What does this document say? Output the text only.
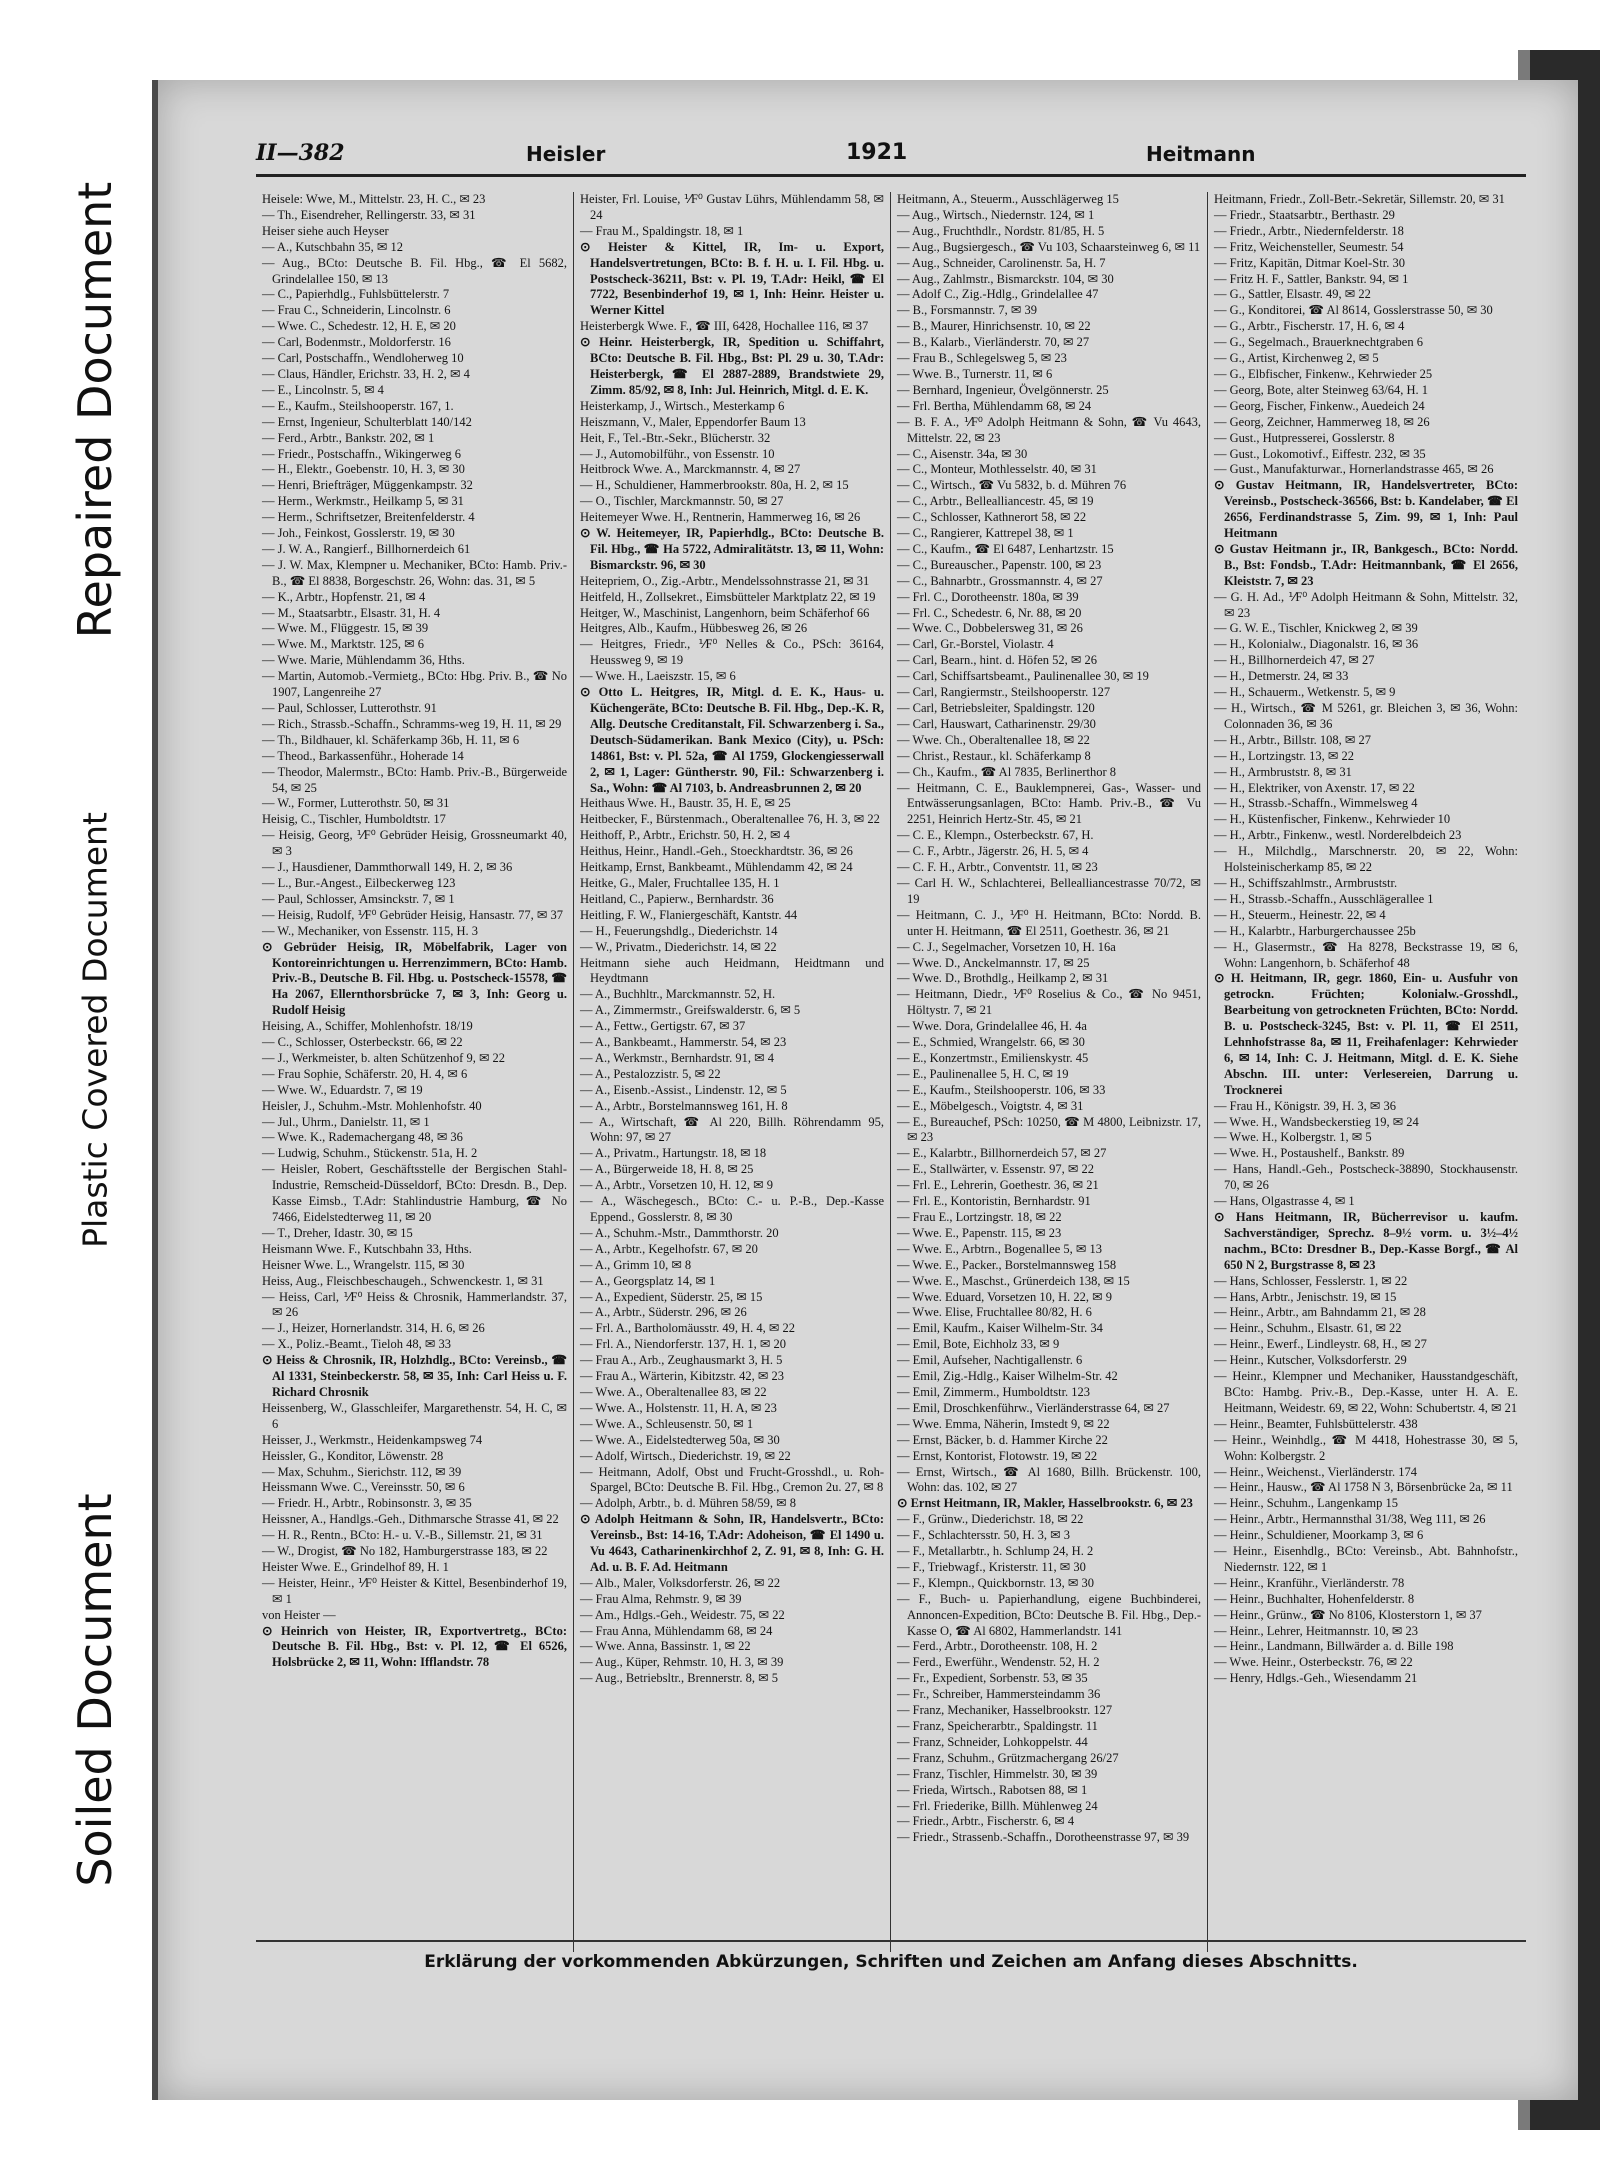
Repaired Document
Plastic Covered Document
Soiled Document
II—382	Heisler	1921	Heitmann
Heisele: Wwe, M., Mittelstr. 23, H. C., ✉ 23
— Th., Eisendreher, Rellingerstr. 33, ✉ 31
Heiser siehe auch Heyser
— A., Kutschbahn 35, ✉ 12
— Aug., BCto: Deutsche B. Fil. Hbg., ☎ El 5682, Grindelallee 150, ✉ 13
— C., Papierhdlg., Fuhlsbüttelerstr. 7
— Frau C., Schneiderin, Lincolnstr. 6
— Wwe. C., Schedestr. 12, H. E, ✉ 20
— Carl, Bodenmstr., Moldorferstr. 16
— Carl, Postschaffn., Wendloherweg 10
— Claus, Händler, Erichstr. 33, H. 2, ✉ 4
— E., Lincolnstr. 5, ✉ 4
— E., Kaufm., Steilshooperstr. 167, 1.
— Ernst, Ingenieur, Schulterblatt 140/142
— Ferd., Arbtr., Bankstr. 202, ✉ 1
— Friedr., Postschaffn., Wikingerweg 6
— H., Elektr., Goebenstr. 10, H. 3, ✉ 30
— Henri, Briefträger, Müggenkampstr. 32
— Herm., Werkmstr., Heilkamp 5, ✉ 31
— Herm., Schriftsetzer, Breitenfelderstr. 4
— Joh., Feinkost, Gosslerstr. 19, ✉ 30
— J. W. A., Rangierf., Billhornerdeich 61
— J. W. Max, Klempner u. Mechaniker, BCto: Hamb. Priv.-B., ☎ El 8838, Borgeschstr. 26, Wohn: das. 31, ✉ 5
— K., Arbtr., Hopfenstr. 21, ✉ 4
— M., Staatsarbtr., Elsastr. 31, H. 4
— Wwe. M., Flüggestr. 15, ✉ 39
— Wwe. M., Marktstr. 125, ✉ 6
— Wwe. Marie, Mühlendamm 36, Hths.
— Martin, Automob.-Vermietg., BCto: Hbg. Priv. B., ☎ No 1907, Langenreihe 27
— Paul, Schlosser, Lutterothstr. 91
— Rich., Strassb.-Schaffn., Schramms-weg 19, H. 11, ✉ 29
— Th., Bildhauer, kl. Schäferkamp 36b, H. 11, ✉ 6
— Theod., Barkassenführ., Hoherade 14
— Theodor, Malermstr., BCto: Hamb. Priv.-B., Bürgerweide 54, ✉ 25
— W., Former, Lutterothstr. 50, ✉ 31
Heisig, C., Tischler, Humboldtstr. 17
— Heisig, Georg, ⅟F⁰ Gebrüder Heisig, Grossneumarkt 40, ✉ 3
— J., Hausdiener, Dammthorwall 149, H. 2, ✉ 36
— L., Bur.-Angest., Eilbeckerweg 123
— Paul, Schlosser, Amsinckstr. 7, ✉ 1
— Heisig, Rudolf, ⅟F⁰ Gebrüder Heisig, Hansastr. 77, ✉ 37
— W., Mechaniker, von Essenstr. 115, H. 3
⊙ Gebrüder Heisig, IR, Möbelfabrik, Lager von Kontoreinrichtungen u. Herrenzimmern, BCto: Hamb. Priv.-B., Deutsche B. Fil. Hbg. u. Postscheck-15578, ☎ Ha 2067, Ellernthorsbrücke 7, ✉ 3, Inh: Georg u. Rudolf Heisig
Heising, A., Schiffer, Mohlenhofstr. 18/19
— C., Schlosser, Osterbeckstr. 66, ✉ 22
— J., Werkmeister, b. alten Schützenhof 9, ✉ 22
— Frau Sophie, Schäferstr. 20, H. 4, ✉ 6
— Wwe. W., Eduardstr. 7, ✉ 19
Heisler, J., Schuhm.-Mstr. Mohlenhofstr. 40
— Jul., Uhrm., Danielstr. 11, ✉ 1
— Wwe. K., Rademachergang 48, ✉ 36
— Ludwig, Schuhm., Stückenstr. 51a, H. 2
— Heisler, Robert, Geschäftsstelle der Bergischen Stahl-Industrie, Remscheid-Düsseldorf, BCto: Dresdn. B., Dep. Kasse Eimsb., T.Adr: Stahlindustrie Hamburg, ☎ No 7466, Eidelstedterweg 11, ✉ 20
— T., Dreher, Idastr. 30, ✉ 15
Heismann Wwe. F., Kutschbahn 33, Hths.
Heisner Wwe. L., Wrangelstr. 115, ✉ 30
Heiss, Aug., Fleischbeschaugeh., Schwenckestr. 1, ✉ 31
— Heiss, Carl, ⅟F⁰ Heiss & Chrosnik, Hammerlandstr. 37, ✉ 26
— J., Heizer, Hornerlandstr. 314, H. 6, ✉ 26
— X., Poliz.-Beamt., Tieloh 48, ✉ 33
⊙ Heiss & Chrosnik, IR, Holzhdlg., BCto: Vereinsb., ☎ Al 1331, Steinbeckerstr. 58, ✉ 35, Inh: Carl Heiss u. F. Richard Chrosnik
Heissenberg, W., Glasschleifer, Margarethenstr. 54, H. C, ✉ 6
Heisser, J., Werkmstr., Heidenkampsweg 74
Heissler, G., Konditor, Löwenstr. 28
— Max, Schuhm., Sierichstr. 112, ✉ 39
Heissmann Wwe. C., Vereinsstr. 50, ✉ 6
— Friedr. H., Arbtr., Robinsonstr. 3, ✉ 35
Heissner, A., Handlgs.-Geh., Dithmarsche Strasse 41, ✉ 22
— H. R., Rentn., BCto: H.- u. V.-B., Sillemstr. 21, ✉ 31
— W., Drogist, ☎ No 182, Hamburgerstrasse 183, ✉ 22
Heister Wwe. E., Grindelhof 89, H. 1
— Heister, Heinr., ⅟F⁰ Heister & Kittel, Besenbinderhof 19, ✉ 1
von Heister —
⊙ Heinrich von Heister, IR, Exportvertretg., BCto: Deutsche B. Fil. Hbg., Bst: v. Pl. 12, ☎ El 6526, Holsbrücke 2, ✉ 11, Wohn: Ifflandstr. 78
Heister, Frl. Louise, ⅟F⁰ Gustav Lührs, Mühlendamm 58, ✉ 24
— Frau M., Spaldingstr. 18, ✉ 1
⊙ Heister & Kittel, IR, Im- u. Export, Handelsvertretungen, BCto: B. f. H. u. I. Fil. Hbg. u. Postscheck-36211, Bst: v. Pl. 19, T.Adr: Heikl, ☎ El 7722, Besenbinderhof 19, ✉ 1, Inh: Heinr. Heister u. Werner Kittel
Heisterbergk Wwe. F., ☎ III, 6428, Hochallee 116, ✉ 37
⊙ Heinr. Heisterbergk, IR, Spedition u. Schiffahrt, BCto: Deutsche B. Fil. Hbg., Bst: Pl. 29 u. 30, T.Adr: Heisterbergk, ☎ El 2887-2889, Brandstwiete 29, Zimm. 85/92, ✉ 8, Inh: Jul. Heinrich, Mitgl. d. E. K.
Heisterkamp, J., Wirtsch., Mesterkamp 6
Heiszmann, V., Maler, Eppendorfer Baum 13
Heit, F., Tel.-Btr.-Sekr., Blücherstr. 32
— J., Automobilführ., von Essenstr. 10
Heitbrock Wwe. A., Marckmannstr. 4, ✉ 27
— H., Schuldiener, Hammerbrookstr. 80a, H. 2, ✉ 15
— O., Tischler, Marckmannstr. 50, ✉ 27
Heitemeyer Wwe. H., Rentnerin, Hammerweg 16, ✉ 26
⊙ W. Heitemeyer, IR, Papierhdlg., BCto: Deutsche B. Fil. Hbg., ☎ Ha 5722, Admiralitätstr. 13, ✉ 11, Wohn: Bismarckstr. 96, ✉ 30
Heitepriem, O., Zig.-Arbtr., Mendelssohnstrasse 21, ✉ 31
Heitfeld, H., Zollsekret., Eimsbütteler Marktplatz 22, ✉ 19
Heitger, W., Maschinist, Langenhorn, beim Schäferhof 66
Heitgres, Alb., Kaufm., Hübbesweg 26, ✉ 26
— Heitgres, Friedr., ⅟F⁰ Nelles & Co., PSch: 36164, Heussweg 9, ✉ 19
— Wwe. H., Laeiszstr. 15, ✉ 6
⊙ Otto L. Heitgres, IR, Mitgl. d. E. K., Haus- u. Küchengeräte, BCto: Deutsche B. Fil. Hbg., Dep.-K. R, Allg. Deutsche Creditanstalt, Fil. Schwarzenberg i. Sa., Deutsch-Südamerikan. Bank Mexico (City), u. PSch: 14861, Bst: v. Pl. 52a, ☎ Al 1759, Glockengiesserwall 2, ✉ 1, Lager: Güntherstr. 90, Fil.: Schwarzenberg i. Sa., Wohn: ☎ Al 7103, b. Andreasbrunnen 2, ✉ 20
Heithaus Wwe. H., Baustr. 35, H. E, ✉ 25
Heitbecker, F., Bürstenmach., Oberaltenallee 76, H. 3, ✉ 22
Heithoff, P., Arbtr., Erichstr. 50, H. 2, ✉ 4
Heithus, Heinr., Handl.-Geh., Stoeckhardtstr. 36, ✉ 26
Heitkamp, Ernst, Bankbeamt., Mühlendamm 42, ✉ 24
Heitke, G., Maler, Fruchtallee 135, H. 1
Heitland, C., Papierw., Bernhardstr. 36
Heitling, F. W., Flaniergeschäft, Kantstr. 44
— H., Feuerungshdlg., Diederichstr. 14
— W., Privatm., Diederichstr. 14, ✉ 22
Heitmann siehe auch Heidmann, Heidtmann und Heydtmann
— A., Buchhltr., Marckmannstr. 52, H.
— A., Zimmermstr., Greifswalderstr. 6, ✉ 5
— A., Fettw., Gertigstr. 67, ✉ 37
— A., Bankbeamt., Hammerstr. 54, ✉ 23
— A., Werkmstr., Bernhardstr. 91, ✉ 4
— A., Pestalozzistr. 5, ✉ 22
— A., Eisenb.-Assist., Lindenstr. 12, ✉ 5
— A., Arbtr., Borstelmannsweg 161, H. 8
— A., Wirtschaft, ☎ Al 220, Billh. Röhrendamm 95, Wohn: 97, ✉ 27
— A., Privatm., Hartungstr. 18, ✉ 18
— A., Bürgerweide 18, H. 8, ✉ 25
— A., Arbtr., Vorsetzen 10, H. 12, ✉ 9
— A., Wäschegesch., BCto: C.- u. P.-B., Dep.-Kasse Eppend., Gosslerstr. 8, ✉ 30
— A., Schuhm.-Mstr., Dammthorstr. 20
— A., Arbtr., Kegelhofstr. 67, ✉ 20
— A., Grimm 10, ✉ 8
— A., Georgsplatz 14, ✉ 1
— A., Expedient, Süderstr. 25, ✉ 15
— A., Arbtr., Süderstr. 296, ✉ 26
— Frl. A., Bartholomäusstr. 49, H. 4, ✉ 22
— Frl. A., Niendorferstr. 137, H. 1, ✉ 20
— Frau A., Arb., Zeughausmarkt 3, H. 5
— Frau A., Wärterin, Kibitzstr. 42, ✉ 23
— Wwe. A., Oberaltenallee 83, ✉ 22
— Wwe. A., Holstenstr. 11, H. A, ✉ 23
— Wwe. A., Schleusenstr. 50, ✉ 1
— Wwe. A., Eidelstedterweg 50a, ✉ 30
— Adolf, Wirtsch., Diederichstr. 19, ✉ 22
— Heitmann, Adolf, Obst und Frucht-Grosshdl., u. Roh-Spargel, BCto: Deutsche B. Fil. Hbg., Cremon 2u. 27, ✉ 8
— Adolph, Arbtr., b. d. Mühren 58/59, ✉ 8
⊙ Adolph Heitmann & Sohn, IR, Handelsvertr., BCto: Vereinsb., Bst: 14-16, T.Adr: Adoheison, ☎ El 1490 u. Vu 4643, Catharinenkirchhof 2, Z. 91, ✉ 8, Inh: G. H. Ad. u. B. F. Ad. Heitmann
— Alb., Maler, Volksdorferstr. 26, ✉ 22
— Frau Alma, Rehmstr. 9, ✉ 39
— Am., Hdlgs.-Geh., Weidestr. 75, ✉ 22
— Frau Anna, Mühlendamm 68, ✉ 24
— Wwe. Anna, Bassinstr. 1, ✉ 22
— Aug., Küper, Rehmstr. 10, H. 3, ✉ 39
— Aug., Betriebsltr., Brennerstr. 8, ✉ 5
Heitmann, A., Steuerm., Ausschlägerweg 15
— Aug., Wirtsch., Niedernstr. 124, ✉ 1
— Aug., Fruchthdlr., Nordstr. 81/85, H. 5
— Aug., Bugsiergesch., ☎ Vu 103, Schaarsteinweg 6, ✉ 11
— Aug., Schneider, Carolinenstr. 5a, H. 7
— Aug., Zahlmstr., Bismarckstr. 104, ✉ 30
— Adolf C., Zig.-Hdlg., Grindelallee 47
— B., Forsmannstr. 7, ✉ 39
— B., Maurer, Hinrichsenstr. 10, ✉ 22
— B., Kalarb., Vierländerstr. 70, ✉ 27
— Frau B., Schlegelsweg 5, ✉ 23
— Wwe. B., Turnerstr. 11, ✉ 6
— Bernhard, Ingenieur, Övelgönnerstr. 25
— Frl. Bertha, Mühlendamm 68, ✉ 24
— B. F. A., ⅟F⁰ Adolph Heitmann & Sohn, ☎ Vu 4643, Mittelstr. 22, ✉ 23
— C., Aisenstr. 34a, ✉ 30
— C., Monteur, Mothlesselstr. 40, ✉ 31
— C., Wirtsch., ☎ Vu 5832, b. d. Mühren 76
— C., Arbtr., Belleallianсestr. 45, ✉ 19
— C., Schlosser, Kathnerort 58, ✉ 22
— C., Rangierer, Kattrepel 38, ✉ 1
— C., Kaufm., ☎ El 6487, Lenhartzstr. 15
— C., Bureauscher., Papenstr. 100, ✉ 23
— C., Bahnarbtr., Grossmannstr. 4, ✉ 27
— Frl. C., Dorotheenstr. 180a, ✉ 39
— Frl. C., Schedestr. 6, Nr. 88, ✉ 20
— Wwe. C., Dobbelersweg 31, ✉ 26
— Carl, Gr.-Borstel, Violastr. 4
— Carl, Bearn., hint. d. Höfen 52, ✉ 26
— Carl, Schiffsartsbeamt., Paulinenallee 30, ✉ 19
— Carl, Rangiermstr., Steilshooperstr. 127
— Carl, Betriebsleiter, Spaldingstr. 120
— Carl, Hauswart, Catharinenstr. 29/30
— Wwe. Ch., Oberaltenallee 18, ✉ 22
— Christ., Restaur., kl. Schäferkamp 8
— Ch., Kaufm., ☎ Al 7835, Berlinerthor 8
— Heitmann, C. E., Bauklempnerei, Gas-, Wasser- und Entwässerungsanlagen, BCto: Hamb. Priv.-B., ☎ Vu 2251, Heinrich Hertz-Str. 45, ✉ 21
— C. E., Klempn., Osterbeckstr. 67, H.
— C. F., Arbtr., Jägerstr. 26, H. 5, ✉ 4
— C. F. H., Arbtr., Conventstr. 11, ✉ 23
— Carl H. W., Schlachterei, Bellealliancestrasse 70/72, ✉ 19
— Heitmann, C. J., ⅟F⁰ H. Heitmann, BCto: Nordd. B. unter H. Heitmann, ☎ El 2511, Goethestr. 36, ✉ 21
— C. J., Segelmacher, Vorsetzen 10, H. 16a
— Wwe. D., Anckelmannstr. 17, ✉ 25
— Wwe. D., Brothdlg., Heilkamp 2, ✉ 31
— Heitmann, Diedr., ⅟F⁰ Roselius & Co., ☎ No 9451, Höltystr. 7, ✉ 21
— Wwe. Dora, Grindelallee 46, H. 4a
— E., Schmied, Wrangelstr. 66, ✉ 30
— E., Konzertmstr., Emilienskystr. 45
— E., Paulinenallee 5, H. C, ✉ 19
— E., Kaufm., Steilshooperstr. 106, ✉ 33
— E., Möbelgesch., Voigtstr. 4, ✉ 31
— E., Bureauchef, PSch: 10250, ☎ M 4800, Leibnizstr. 17, ✉ 23
— E., Kalarbtr., Billhornerdeich 57, ✉ 27
— E., Stallwärter, v. Essenstr. 97, ✉ 22
— Frl. E., Lehrerin, Goethestr. 36, ✉ 21
— Frl. E., Kontoristin, Bernhardstr. 91
— Frau E., Lortzingstr. 18, ✉ 22
— Wwe. E., Papenstr. 115, ✉ 23
— Wwe. E., Arbtrn., Bogenallee 5, ✉ 13
— Wwe. E., Packer., Borstelmannsweg 158
— Wwe. E., Maschst., Grünerdeich 138, ✉ 15
— Wwe. Eduard, Vorsetzen 10, H. 22, ✉ 9
— Wwe. Elise, Fruchtallee 80/82, H. 6
— Emil, Kaufm., Kaiser Wilhelm-Str. 34
— Emil, Bote, Eichholz 33, ✉ 9
— Emil, Aufseher, Nachtigallenstr. 6
— Emil, Zig.-Hdlg., Kaiser Wilhelm-Str. 42
— Emil, Zimmerm., Humboldtstr. 123
— Emil, Droschkenführw., Vierländerstrasse 64, ✉ 27
— Wwe. Emma, Näherin, Imstedt 9, ✉ 22
— Ernst, Bäcker, b. d. Hammer Kirche 22
— Ernst, Kontorist, Flotowstr. 19, ✉ 22
— Ernst, Wirtsch., ☎ Al 1680, Billh. Brückenstr. 100, Wohn: das. 102, ✉ 27
⊙ Ernst Heitmann, IR, Makler, Hasselbrookstr. 6, ✉ 23
— F., Grünw., Diederichstr. 18, ✉ 22
— F., Schlachtersstr. 50, H. 3, ✉ 3
— F., Metallarbtr., h. Schlump 24, H. 2
— F., Triebwagf., Kristerstr. 11, ✉ 30
— F., Klempn., Quickbornstr. 13, ✉ 30
— F., Buch- u. Papierhandlung, eigene Buchbinderei, Annoncen-Expedition, BCto: Deutsche B. Fil. Hbg., Dep.-Kasse O, ☎ Al 6802, Hammerlandstr. 141
— Ferd., Arbtr., Dorotheenstr. 108, H. 2
— Ferd., Ewerführ., Wendenstr. 52, H. 2
— Fr., Expedient, Sorbenstr. 53, ✉ 35
— Fr., Schreiber, Hammersteindamm 36
— Franz, Mechaniker, Hasselbrookstr. 127
— Franz, Speicherarbtr., Spaldingstr. 11
— Franz, Schneider, Lohkoppelstr. 44
— Franz, Schuhm., Grützmachergang 26/27
— Franz, Tischler, Himmelstr. 30, ✉ 39
— Frieda, Wirtsch., Rabotsen 88, ✉ 1
— Frl. Friederike, Billh. Mühlenweg 24
— Friedr., Arbtr., Fischerstr. 6, ✉ 4
— Friedr., Strassenb.-Schaffn., Dorotheenstrasse 97, ✉ 39
Heitmann, Friedr., Zoll-Betr.-Sekretär, Sillemstr. 20, ✉ 31
— Friedr., Staatsarbtr., Berthastr. 29
— Friedr., Arbtr., Niedernfelderstr. 18
— Fritz, Weichensteller, Seumestr. 54
— Fritz, Kapitän, Ditmar Koel-Str. 30
— Fritz H. F., Sattler, Bankstr. 94, ✉ 1
— G., Sattler, Elsastr. 49, ✉ 22
— G., Konditorei, ☎ Al 8614, Gosslerstrasse 50, ✉ 30
— G., Arbtr., Fischerstr. 17, H. 6, ✉ 4
— G., Segelmach., Brauerknechtgraben 6
— G., Artist, Kirchenweg 2, ✉ 5
— G., Elbfischer, Finkenw., Kehrwieder 25
— Georg, Bote, alter Steinweg 63/64, H. 1
— Georg, Fischer, Finkenw., Auedeich 24
— Georg, Zeichner, Hammerweg 18, ✉ 26
— Gust., Hutpresserei, Gosslerstr. 8
— Gust., Lokomotivf., Eiffestr. 232, ✉ 35
— Gust., Manufakturwar., Hornerlandstrasse 465, ✉ 26
⊙ Gustav Heitmann, IR, Handelsvertreter, BCto: Vereinsb., Postscheck-36566, Bst: b. Kandelaber, ☎ El 2656, Ferdinandstrasse 5, Zim. 99, ✉ 1, Inh: Paul Heitmann
⊙ Gustav Heitmann jr., IR, Bankgesch., BCto: Nordd. B., Bst: Fondsb., T.Adr: Heitmannbank, ☎ El 2656, Kleiststr. 7, ✉ 23
— G. H. Ad., ⅟F⁰ Adolph Heitmann & Sohn, Mittelstr. 32, ✉ 23
— G. W. E., Tischler, Knickweg 2, ✉ 39
— H., Kolonialw., Diagonalstr. 16, ✉ 36
— H., Billhornerdeich 47, ✉ 27
— H., Detmerstr. 24, ✉ 33
— H., Schauerm., Wetkenstr. 5, ✉ 9
— H., Wirtsch., ☎ M 5261, gr. Bleichen 3, ✉ 36, Wohn: Colonnaden 36, ✉ 36
— H., Arbtr., Billstr. 108, ✉ 27
— H., Lortzingstr. 13, ✉ 22
— H., Armbruststr. 8, ✉ 31
— H., Elektriker, von Axenstr. 17, ✉ 22
— H., Strassb.-Schaffn., Wimmelsweg 4
— H., Küstenfischer, Finkenw., Kehrwieder 10
— H., Arbtr., Finkenw., westl. Norderelbdeich 23
— H., Milchdlg., Marschnerstr. 20, ✉ 22, Wohn: Holsteinischerkamp 85, ✉ 22
— H., Schiffszahlmstr., Armbruststr.
— H., Strassb.-Schaffn., Ausschlägerallee 1
— H., Steuerm., Heinestr. 22, ✉ 4
— H., Kalarbtr., Harburgerchaussee 25b
— H., Glasermstr., ☎ Ha 8278, Beckstrasse 19, ✉ 6, Wohn: Langenhorn, b. Schäferhof 48
⊙ H. Heitmann, IR, gegr. 1860, Ein- u. Ausfuhr von getrockn. Früchten; Kolonialw.-Grosshdl., Bearbeitung von getrockneten Früchten, BCto: Nordd. B. u. Postscheck-3245, Bst: v. Pl. 11, ☎ El 2511, Lehnhofstrasse 8a, ✉ 11, Freihafenlager: Kehrwieder 6, ✉ 14, Inh: C. J. Heitmann, Mitgl. d. E. K. Siehe Abschn. III. unter: Verlesereien, Darrung u. Trocknerei
— Frau H., Königstr. 39, H. 3, ✉ 36
— Wwe. H., Wandsbeckerstieg 19, ✉ 24
— Wwe. H., Kolbergstr. 1, ✉ 5
— Wwe. H., Postaushelf., Bankstr. 89
— Hans, Handl.-Geh., Postscheck-38890, Stockhausenstr. 70, ✉ 26
— Hans, Olgastrasse 4, ✉ 1
⊙ Hans Heitmann, IR, Bücherrevisor u. kaufm. Sachverständiger, Sprechz. 8–9½ vorm. u. 3½–4½ nachm., BCto: Dresdner B., Dep.-Kasse Borgf., ☎ Al 650 N 2, Burgstrasse 8, ✉ 23
— Hans, Schlosser, Fesslerstr. 1, ✉ 22
— Hans, Arbtr., Jenischstr. 19, ✉ 15
— Heinr., Arbtr., am Bahndamm 21, ✉ 28
— Heinr., Schuhm., Elsastr. 61, ✉ 22
— Heinr., Ewerf., Lindleystr. 68, H., ✉ 27
— Heinr., Kutscher, Volksdorferstr. 29
— Heinr., Klempner und Mechaniker, Hausstandgeschäft, BCto: Hambg. Priv.-B., Dep.-Kasse, unter H. A. E. Heitmann, Weidestr. 69, ✉ 22, Wohn: Schubertstr. 4, ✉ 21
— Heinr., Beamter, Fuhlsbüttelerstr. 438
— Heinr., Weinhdlg., ☎ M 4418, Hohestrasse 30, ✉ 5, Wohn: Kolbergstr. 2
— Heinr., Weichenst., Vierländerstr. 174
— Heinr., Hausw., ☎ Al 1758 N 3, Börsenbrücke 2a, ✉ 11
— Heinr., Schuhm., Langenkamp 15
— Heinr., Arbtr., Hermannsthal 31/38, Weg 111, ✉ 26
— Heinr., Schuldiener, Moorkamp 3, ✉ 6
— Heinr., Eisenhdlg., BCto: Vereinsb., Abt. Bahnhofstr., Niedernstr. 122, ✉ 1
— Heinr., Kranführ., Vierländerstr. 78
— Heinr., Buchhalter, Hohenfelderstr. 8
— Heinr., Grünw., ☎ No 8106, Klosterstorn 1, ✉ 37
— Heinr., Lehrer, Heitmannstr. 10, ✉ 23
— Heinr., Landmann, Billwärder a. d. Bille 198
— Wwe. Heinr., Osterbeckstr. 76, ✉ 22
— Henry, Hdlgs.-Geh., Wiesendamm 21
Erklärung der vorkommenden Abkürzungen, Schriften und Zeichen am Anfang dieses Abschnitts.
